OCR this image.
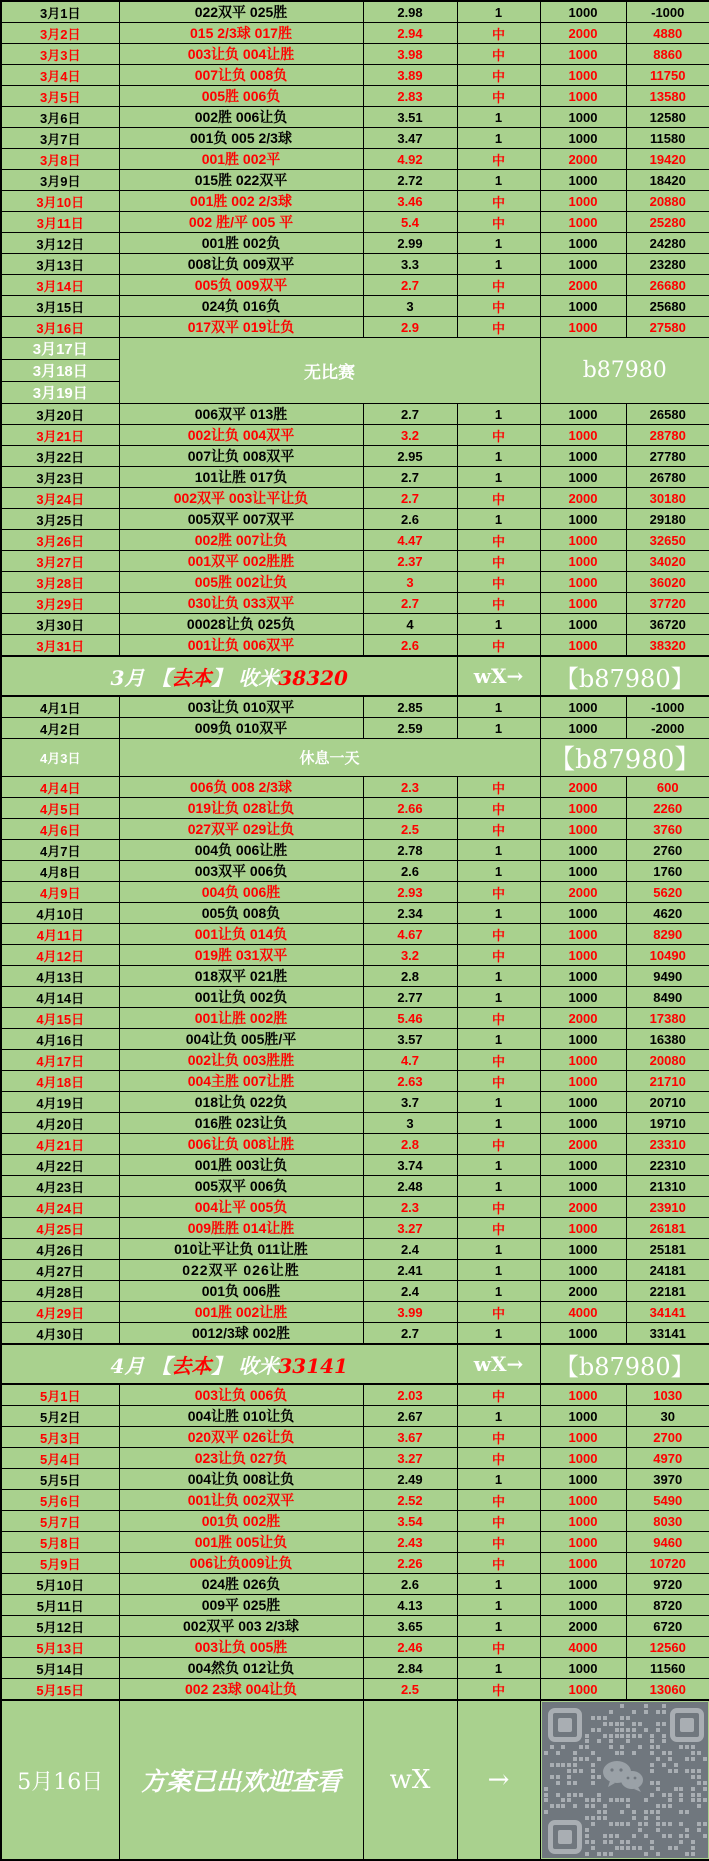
3月1日	022双平 025胜	2.98	1	1000	-1000
3月2日	015 2/3球 017胜	2.94	中	2000	4880
3月3日	003让负 004让胜	3.98	中	1000	8860
3月4日	007让负 008负	3.89	中	1000	11750
3月5日	005胜 006负	2.83	中	1000	13580
3月6日	002胜 006让负	3.51	1	1000	12580
3月7日	001负 005 2/3球	3.47	1	1000	11580
3月8日	001胜 002平	4.92	中	2000	19420
3月9日	015胜 022双平	2.72	1	1000	18420
3月10日	001胜 002 2/3球	3.46	中	1000	20880
3月11日	002 胜/平 005 平	5.4	中	1000	25280
3月12日	001胜 002负	2.99	1	1000	24280
3月13日	008让负 009双平	3.3	1	1000	23280
3月14日	005负 009双平	2.7	中	2000	26680
3月15日	024负 016负	3	中	1000	25680
3月16日	017双平 019让负	2.9	中	1000	27580
3月17日	无比赛			b87980	
3月18日					
3月19日					
3月20日	006双平 013胜	2.7	1	1000	26580
3月21日	002让负 004双平	3.2	中	1000	28780
3月22日	007让负 008双平	2.95	1	1000	27780
3月23日	101让胜 017负	2.7	1	1000	26780
3月24日	002双平 003让平让负	2.7	中	2000	30180
3月25日	005双平 007双平	2.6	1	1000	29180
3月26日	002胜 007让负	4.47	中	1000	32650
3月27日	001双平 002胜胜	2.37	中	1000	34020
3月28日	005胜 002让负	3	中	1000	36020
3月29日	030让负 033双平	2.7	中	1000	37720
3月30日	00028让负 025负	4	1	1000	36720
3月31日	001让负 006双平	2.6	中	1000	38320
3月 【去本】 收米38320			wX→	【b87980】	
4月1日	003让负 010双平	2.85	1	1000	-1000
4月2日	009负 010双平	2.59	1	1000	-2000
4月3日	休息一天			【b87980】	
4月4日	006负 008 2/3球	2.3	中	2000	600
4月5日	019让负 028让负	2.66	中	1000	2260
4月6日	027双平 029让负	2.5	中	1000	3760
4月7日	004负 006让胜	2.78	1	1000	2760
4月8日	003双平 006负	2.6	1	1000	1760
4月9日	004负 006胜	2.93	中	2000	5620
4月10日	005负 008负	2.34	1	1000	4620
4月11日	001让负 014负	4.67	中	1000	8290
4月12日	019胜 031双平	3.2	中	1000	10490
4月13日	018双平 021胜	2.8	1	1000	9490
4月14日	001让负 002负	2.77	1	1000	8490
4月15日	001让胜 002胜	5.46	中	2000	17380
4月16日	004让负 005胜/平	3.57	1	1000	16380
4月17日	002让负 003胜胜	4.7	中	1000	20080
4月18日	004主胜 007让胜	2.63	中	1000	21710
4月19日	018让负 022负	3.7	1	1000	20710
4月20日	016胜 023让负	3	1	1000	19710
4月21日	006让负 008让胜	2.8	中	2000	23310
4月22日	001胜 003让负	3.74	1	1000	22310
4月23日	005双平 006负	2.48	1	1000	21310
4月24日	004让平 005负	2.3	中	2000	23910
4月25日	009胜胜 014让胜	3.27	中	1000	26181
4月26日	010让平让负 011让胜	2.4	1	1000	25181
4月27日	022双平 026让胜	2.41	1	1000	24181
4月28日	001负 006胜	2.4	1	2000	22181
4月29日	001胜 002让胜	3.99	中	4000	34141
4月30日	0012/3球 002胜	2.7	1	1000	33141
4月 【去本】 收米33141			wX→	【b87980】	
5月1日	003让负 006负	2.03	中	1000	1030
5月2日	004让胜 010让负	2.67	1	1000	30
5月3日	020双平 026让负	3.67	中	1000	2700
5月4日	023让负 027负	3.27	中	1000	4970
5月5日	004让负 008让负	2.49	1	1000	3970
5月6日	001让负 002双平	2.52	中	1000	5490
5月7日	001负 002胜	3.54	中	1000	8030
5月8日	001胜 005让负	2.43	中	1000	9460
5月9日	006让负009让负	2.26	中	1000	10720
5月10日	024胜 026负	2.6	1	1000	9720
5月11日	009平 025胜	4.13	1	1000	8720
5月12日	002双平 003 2/3球	3.65	1	2000	6720
5月13日	003让负 005胜	2.46	中	4000	12560
5月14日	004然负 012让负	2.84	1	1000	11560
5月15日	002 23球 004让负	2.5	中	1000	13060
5月16日	方案已出欢迎查看	wX	→	
